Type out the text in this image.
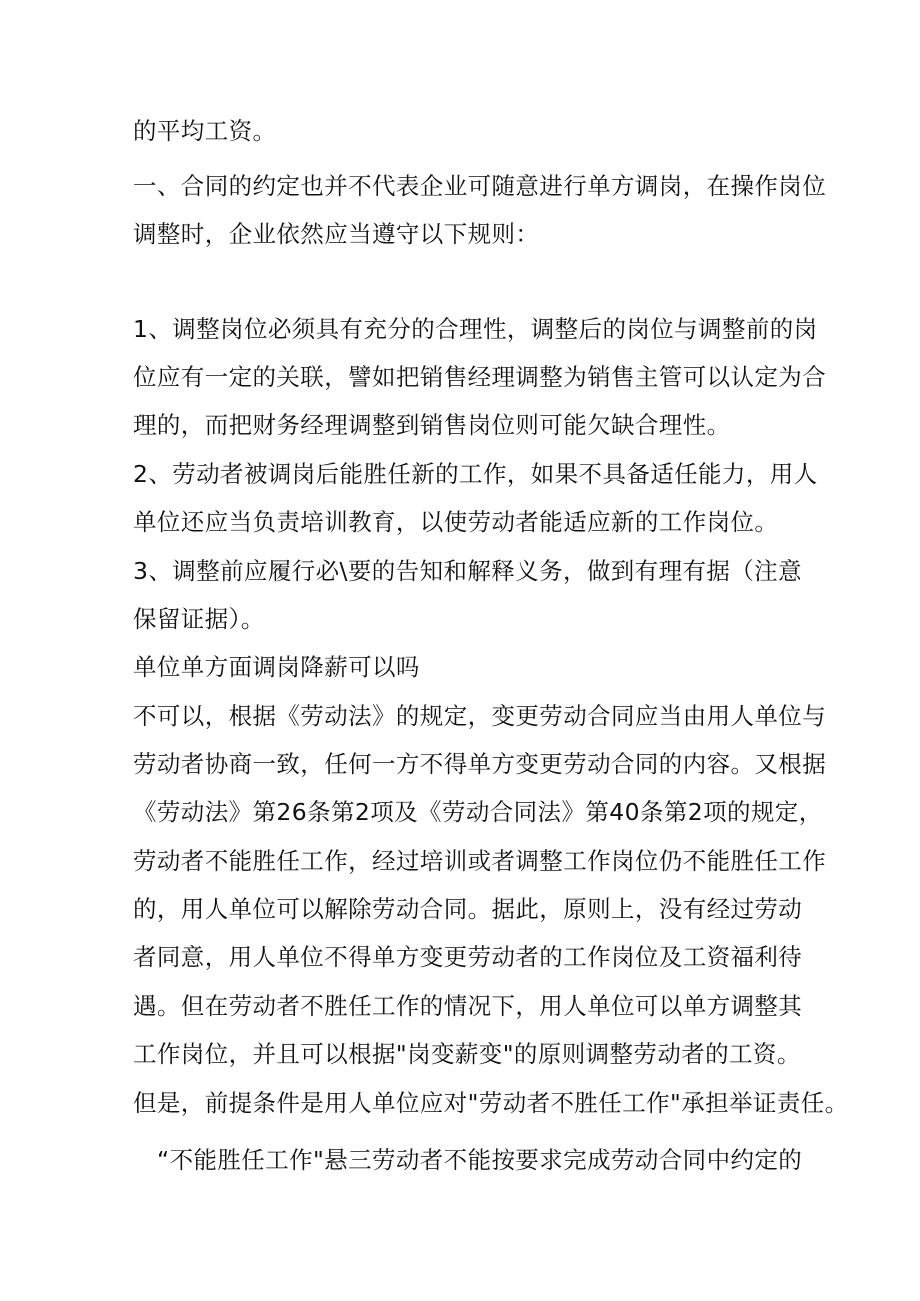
的平均工资。
一、合同的约定也并不代表企业可随意进行单方调岗，在操作岗位
调整时，企业依然应当遵守以下规则：
1、调整岗位必须具有充分的合理性，调整后的岗位与调整前的岗
位应有一定的关联，譬如把销售经理调整为销售主管可以认定为合
理的，而把财务经理调整到销售岗位则可能欠缺合理性。
2、劳动者被调岗后能胜任新的工作，如果不具备适任能力，用人
单位还应当负责培训教育，以使劳动者能适应新的工作岗位。
3、调整前应履行必\要的告知和解释义务，做到有理有据（注意
保留证据）。
单位单方面调岗降薪可以吗
不可以，根据《劳动法》的规定，变更劳动合同应当由用人单位与
劳动者协商一致，任何一方不得单方变更劳动合同的内容。又根据
《劳动法》第26条第2项及《劳动合同法》第40条第2项的规定，
劳动者不能胜任工作，经过培训或者调整工作岗位仍不能胜任工作
的，用人单位可以解除劳动合同。据此，原则上，没有经过劳动
者同意，用人单位不得单方变更劳动者的工作岗位及工资福利待
遇。但在劳动者不胜任工作的情况下，用人单位可以单方调整其
工作岗位，并且可以根据"岗变薪变"的原则调整劳动者的工资。
但是，前提条件是用人单位应对"劳动者不胜任工作"承担举证责任。
“不能胜任工作"悬三劳动者不能按要求完成劳动合同中约定的
